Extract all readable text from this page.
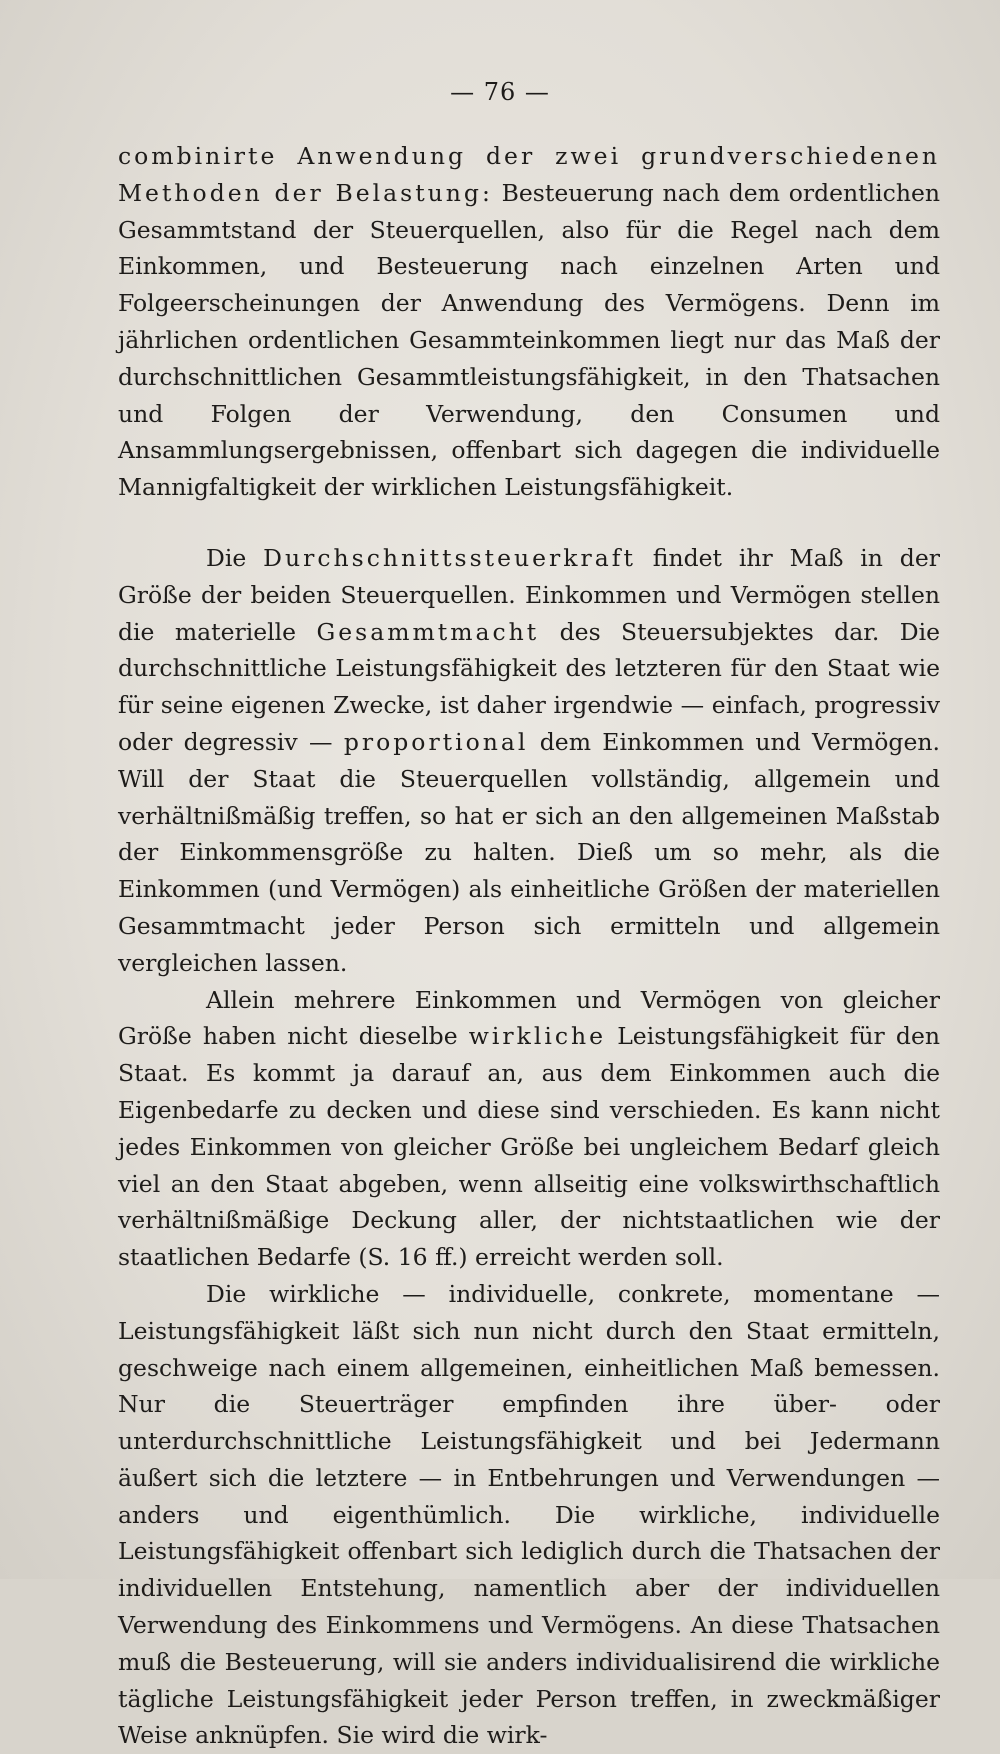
— 76 —

combinirte Anwendung der zwei grundverschiedenen Methoden der Belastung: Besteuerung nach dem ordentlichen Gesammtstand der Steuerquellen, also für die Regel nach dem Einkommen, und Besteuerung nach einzelnen Arten und Folgeerscheinungen der Anwendung des Vermögens. Denn im jährlichen ordentlichen Gesammteinkommen liegt nur das Maß der durchschnittlichen Gesammtleistungsfähigkeit, in den Thatsachen und Folgen der Verwendung, den Consumen und Ansammlungsergebnissen, offenbart sich dagegen die individuelle Mannigfaltigkeit der wirklichen Leistungsfähigkeit.

Die Durchschnittssteuerkraft findet ihr Maß in der Größe der beiden Steuerquellen. Einkommen und Vermögen stellen die materielle Gesammtmacht des Steuersubjektes dar. Die durchschnittliche Leistungsfähigkeit des letzteren für den Staat wie für seine eigenen Zwecke, ist daher irgendwie — einfach, progressiv oder degressiv — proportional dem Einkommen und Vermögen. Will der Staat die Steuerquellen vollständig, allgemein und verhältnißmäßig treffen, so hat er sich an den allgemeinen Maßstab der Einkommensgröße zu halten. Dieß um so mehr, als die Einkommen (und Vermögen) als einheitliche Größen der materiellen Gesammtmacht jeder Person sich ermitteln und allgemein vergleichen lassen.

Allein mehrere Einkommen und Vermögen von gleicher Größe haben nicht dieselbe wirkliche Leistungsfähigkeit für den Staat. Es kommt ja darauf an, aus dem Einkommen auch die Eigenbedarfe zu decken und diese sind verschieden. Es kann nicht jedes Einkommen von gleicher Größe bei ungleichem Bedarf gleich viel an den Staat abgeben, wenn allseitig eine volkswirthschaftlich verhältnißmäßige Deckung aller, der nichtstaatlichen wie der staatlichen Bedarfe (S. 16 ff.) erreicht werden soll.

Die wirkliche — individuelle, conkrete, momentane — Leistungsfähigkeit läßt sich nun nicht durch den Staat ermitteln, geschweige nach einem allgemeinen, einheitlichen Maß bemessen. Nur die Steuerträger empfinden ihre über- oder unterdurchschnittliche Leistungsfähigkeit und bei Jedermann äußert sich die letztere — in Entbehrungen und Verwendungen — anders und eigenthümlich. Die wirkliche, individuelle Leistungsfähigkeit offenbart sich lediglich durch die Thatsachen der individuellen Entstehung, namentlich aber der individuellen Verwendung des Einkommens und Vermögens. An diese Thatsachen muß die Besteuerung, will sie anders individualisirend die wirkliche tägliche Leistungsfähigkeit jeder Person treffen, in zweckmäßiger Weise anknüpfen. Sie wird die wirk-
